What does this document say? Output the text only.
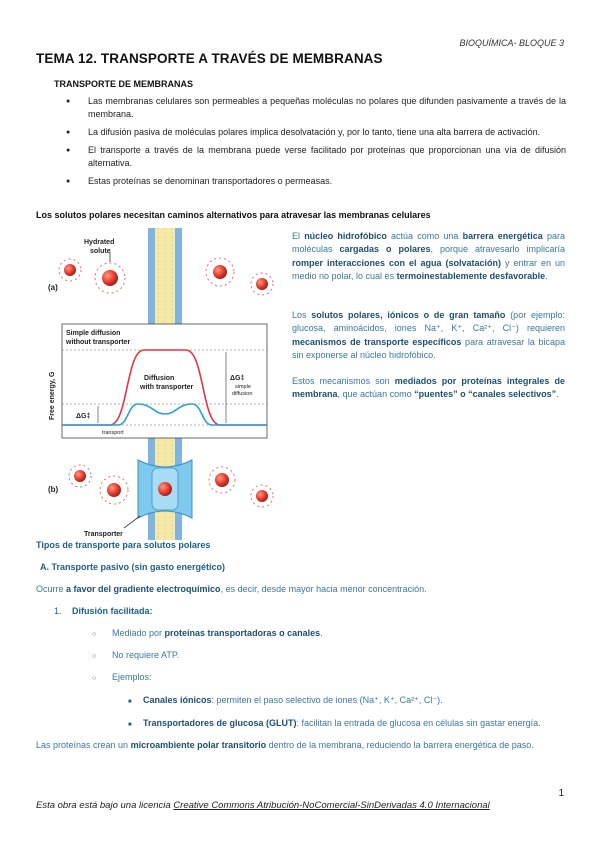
BIOQUÍMICA- BLOQUE 3
TEMA 12. TRANSPORTE A TRAVÉS DE MEMBRANAS
TRANSPORTE DE MEMBRANAS
● Las membranas celulares son permeables a pequeñas moléculas no polares que difunden pasivamente a través de la membrana.
● La difusión pasiva de moléculas polares implica desolvatación y, por lo tanto, tiene una alta barrera de activación.
● El transporte a través de la membrana puede verse facilitado por proteínas que proporcionan una vía de difusión alternativa.
● Estas proteínas se denominan transportadores o permeasas.
Los solutos polares necesitan caminos alternativos para atravesar las membranas celulares
(a)
Hydrated
solute
Free energy, G
Simple diffusion
without transporter
Diffusion
with transporter
ΔG‡
simple
diffusion
ΔG‡
transport
(b)
Transporter
El núcleo hidrofóbico actúa como una barrera energética para moléculas cargadas o polares, porque atravesarlo implicaría romper interacciones con el agua (solvatación) y entrar en un medio no polar, lo cual es termoinestablemente desfavorable.
Los solutos polares, iónicos o de gran tamaño (por ejemplo: glucosa, aminoácidos, iones Na⁺, K⁺, Ca²⁺, Cl⁻) requieren mecanismos de transporte específicos para atravesar la bicapa sin exponerse al núcleo hidrofóbico.
Estos mecanismos son mediados por proteínas integrales de membrana, que actúan como “puentes” o “canales selectivos”.
Tipos de transporte para solutos polares
A. Transporte pasivo (sin gasto energético)
Ocurre a favor del gradiente electroquímico, es decir, desde mayor hacia menor concentración.
1. Difusión facilitada:
○ Mediado por proteínas transportadoras o canales.
○ No requiere ATP.
○ Ejemplos:
■ Canales iónicos: permiten el paso selectivo de iones (Na⁺, K⁺, Ca²⁺, Cl⁻).
■ Transportadores de glucosa (GLUT): facilitan la entrada de glucosa en células sin gastar energía.
Las proteínas crean un microambiente polar transitorio dentro de la membrana, reduciendo la barrera energética de paso.
1
Esta obra está bajo una licencia Creative Commons Atribución-NoComercial-SinDerivadas 4.0 Internacional
